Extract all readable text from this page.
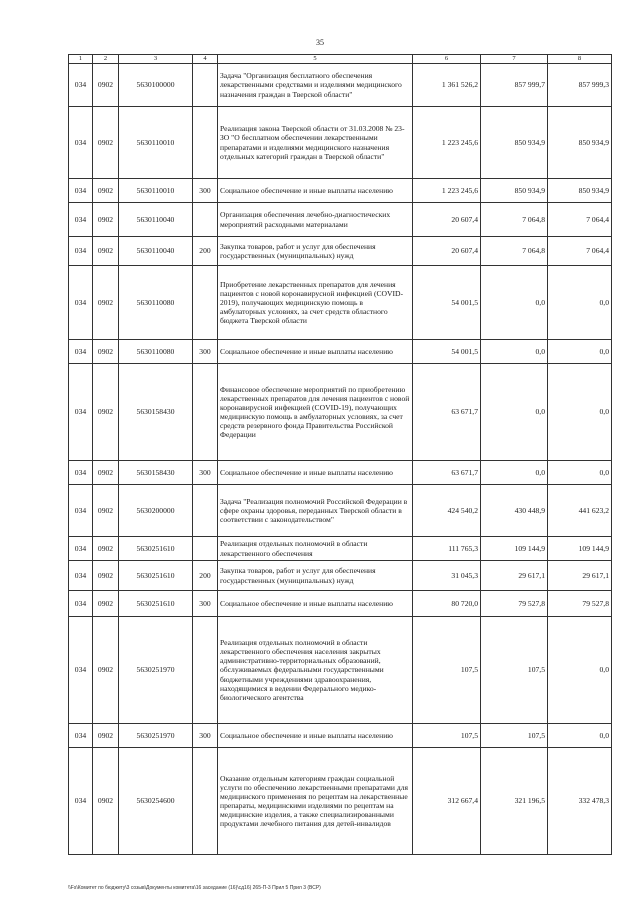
35
1	2	3	4	5	6	7	8
034	0902	5630100000		Задача "Организация бесплатного обеспечения лекарственными средствами и изделиями медицинского назначения граждан в Тверской области"	1 361 526,2	857 999,7	857 999,3
034	0902	5630110010		Реализация закона Тверской области от 31.03.2008 № 23-ЗО "О бесплатном обеспечении лекарственными препаратами и изделиями медицинского назначения отдельных категорий граждан в Тверской области"	1 223 245,6	850 934,9	850 934,9
034	0902	5630110010	300	Социальное обеспечение и иные выплаты населению	1 223 245,6	850 934,9	850 934,9
034	0902	5630110040		Организация обеспечения лечебно-диагностических мероприятий расходными материалами	20 607,4	7 064,8	7 064,4
034	0902	5630110040	200	Закупка товаров, работ и услуг для обеспечения государственных (муниципальных) нужд	20 607,4	7 064,8	7 064,4
034	0902	5630110080		Приобретение лекарственных препаратов для лечения пациентов с новой коронавирусной инфекцией (COVID-2019), получающих медицинскую помощь в амбулаторных условиях, за счет средств областного бюджета Тверской области	54 001,5	0,0	0,0
034	0902	5630110080	300	Социальное обеспечение и иные выплаты населению	54 001,5	0,0	0,0
034	0902	5630158430		Финансовое обеспечение мероприятий по приобретению лекарственных препаратов для лечения пациентов с новой коронавирусной инфекцией (COVID-19), получающих медицинскую помощь в амбулаторных условиях, за счет средств резервного фонда Правительства Российской Федерации	63 671,7	0,0	0,0
034	0902	5630158430	300	Социальное обеспечение и иные выплаты населению	63 671,7	0,0	0,0
034	0902	5630200000		Задача "Реализация полномочий Российской Федерации в сфере охраны здоровья, переданных Тверской области в соответствии с законодательством"	424 540,2	430 448,9	441 623,2
034	0902	5630251610		Реализация отдельных полномочий в области лекарственного обеспечения	111 765,3	109 144,9	109 144,9
034	0902	5630251610	200	Закупка товаров, работ и услуг для обеспечения государственных (муниципальных) нужд	31 045,3	29 617,1	29 617,1
034	0902	5630251610	300	Социальное обеспечение и иные выплаты населению	80 720,0	79 527,8	79 527,8
034	0902	5630251970		Реализация отдельных полномочий в области лекарственного обеспечения населения закрытых административно-территориальных образований, обслуживаемых федеральными государственными бюджетными учреждениями здравоохранения, находящимися в ведении Федерального медико-биологического агентства	107,5	107,5	0,0
034	0902	5630251970	300	Социальное обеспечение и иные выплаты населению	107,5	107,5	0,0
034	0902	5630254600		Оказание отдельным категориям граждан социальной услуги по обеспечению лекарственными препаратами для медицинского применения по рецептам на лекарственные препараты, медицинскими изделиями по рецептам на медицинские изделия, а также специализированными продуктами лечебного питания для детей-инвалидов	312 667,4	321 196,5	332 478,3
\\Fs\Комитет по бюджету\3 созыв\Документы комитета\16 заседание (16)\сд16) 265-П-3 Прил 5 Прил 3 (ВСР)
